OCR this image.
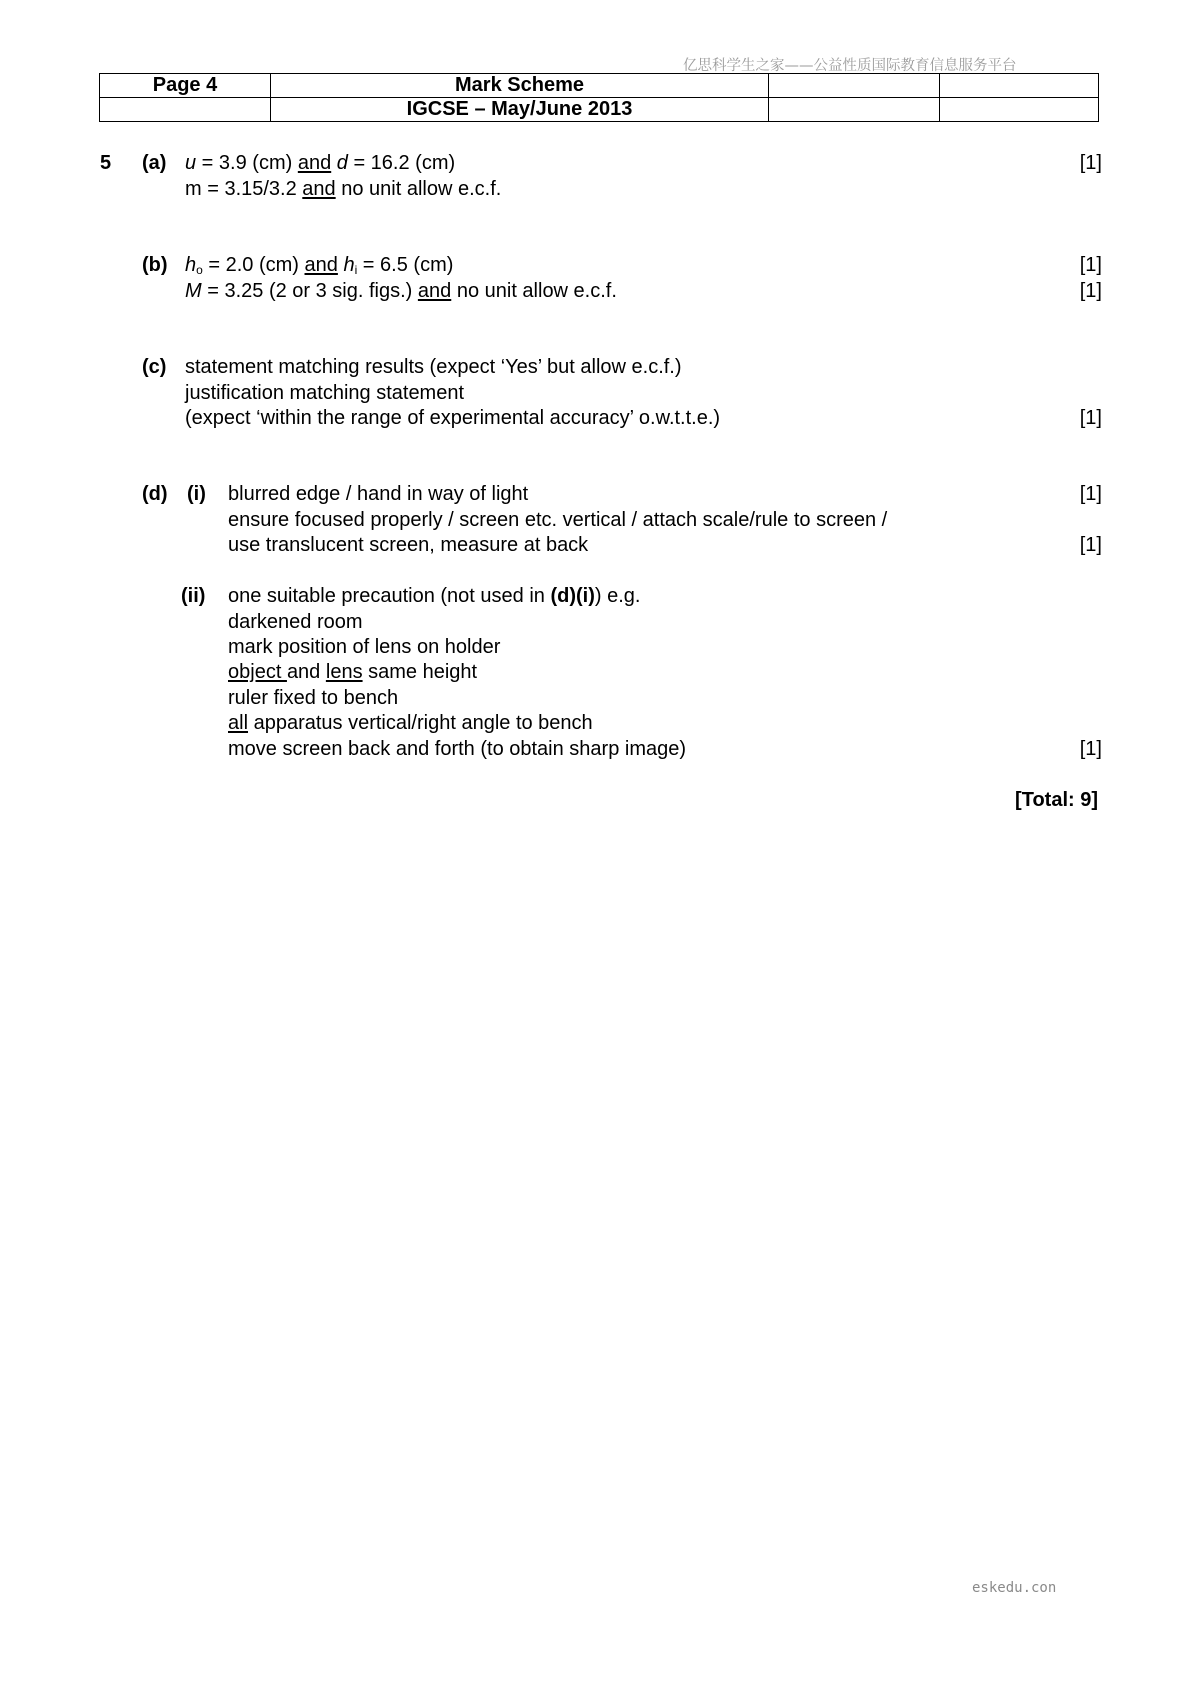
亿思科学生之家——公益性质国际教育信息服务平台
Page 4	Mark Scheme		
	IGCSE – May/June 2013		
5 (a) u = 3.9 (cm) and d = 16.2 (cm)
m = 3.15/3.2 and no unit allow e.c.f.
[1]
(b) $h_o = 2.0$ (cm) and $h_i = 6.5$ (cm)
M = 3.25 (2 or 3 sig. figs.) and no unit allow e.c.f.
[1]
[1]
(c) statement matching results (expect ‘Yes’ but allow e.c.f.)
justification matching statement
(expect ‘within the range of experimental accuracy’ o.w.t.t.e.)	[1]
(d) (i) blurred edge / hand in way of light
ensure focused properly / screen etc. vertical / attach scale/rule to screen /
use translucent screen, measure at back
[1]
[1]
(ii) one suitable precaution (not used in (d)(i)) e.g.
darkened room
mark position of lens on holder
object and lens same height
ruler fixed to bench
all apparatus vertical/right angle to bench
move screen back and forth (to obtain sharp image)	[1]
[Total: 9]
eskedu.con
